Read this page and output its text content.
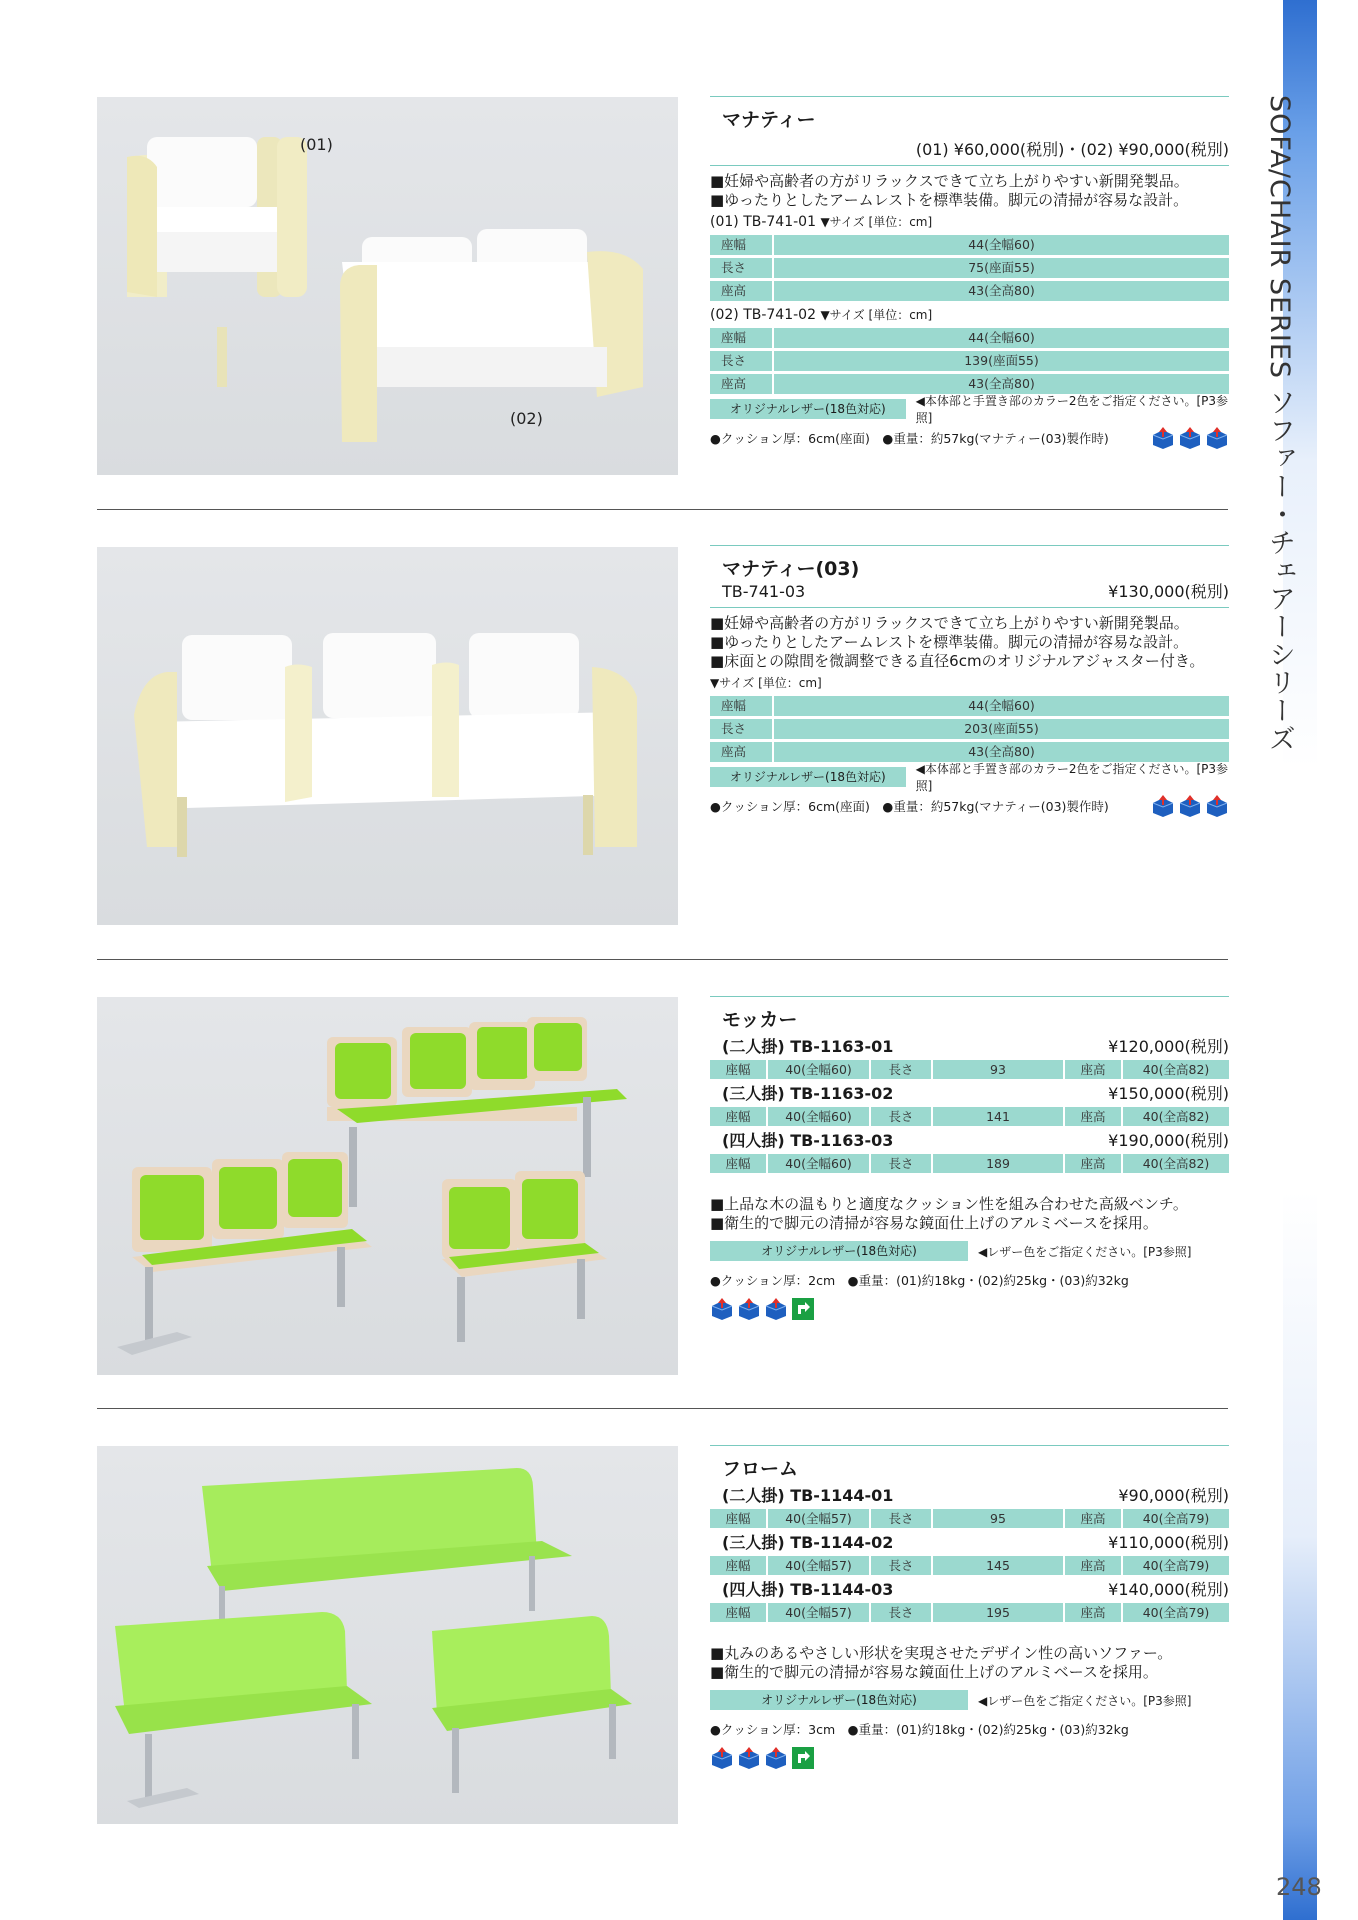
SOFA/CHAIR SERIES ソファー・チェアーシリーズ
248
(01)
(02)
マナティー
(01) ¥60,000(税別)・(02) ¥90,000(税別)
■妊婦や高齢者の方がリラックスできて立ち上がりやすい新開発製品。
■ゆったりとしたアームレストを標準装備。脚元の清掃が容易な設計。
(01) TB-741-01 ▼サイズ [単位：cm]
座幅	44(全幅60)
長さ	75(座面55)
座高	43(全高80)
(02) TB-741-02 ▼サイズ [単位：cm]
座幅	44(全幅60)
長さ	139(座面55)
座高	43(全高80)
オリジナルレザー(18色対応)
◀本体部と手置き部のカラー2色をご指定ください。[P3参照]
●クッション厚：6cm(座面)　●重量：約57kg(マナティー(03)製作時)
マナティー(03)
TB-741-03	¥130,000(税別)
■妊婦や高齢者の方がリラックスできて立ち上がりやすい新開発製品。
■ゆったりとしたアームレストを標準装備。脚元の清掃が容易な設計。
■床面との隙間を微調整できる直径6cmのオリジナルアジャスター付き。
▼サイズ [単位：cm]
座幅	44(全幅60)
長さ	203(座面55)
座高	43(全高80)
オリジナルレザー(18色対応)
◀本体部と手置き部のカラー2色をご指定ください。[P3参照]
●クッション厚：6cm(座面)　●重量：約57kg(マナティー(03)製作時)
モッカー
(二人掛) TB-1163-01	¥120,000(税別)
座幅	40(全幅60)	長さ	93	座高	40(全高82)
(三人掛) TB-1163-02	¥150,000(税別)
座幅	40(全幅60)	長さ	141	座高	40(全高82)
(四人掛) TB-1163-03	¥190,000(税別)
座幅	40(全幅60)	長さ	189	座高	40(全高82)
■上品な木の温もりと適度なクッション性を組み合わせた高級ベンチ。
■衛生的で脚元の清掃が容易な鏡面仕上げのアルミベースを採用。
オリジナルレザー(18色対応)	◀レザー色をご指定ください。[P3参照]
●クッション厚：2cm　●重量：(01)約18kg・(02)約25kg・(03)約32kg
フローム
(二人掛) TB-1144-01	¥90,000(税別)
座幅	40(全幅57)	長さ	95	座高	40(全高79)
(三人掛) TB-1144-02	¥110,000(税別)
座幅	40(全幅57)	長さ	145	座高	40(全高79)
(四人掛) TB-1144-03	¥140,000(税別)
座幅	40(全幅57)	長さ	195	座高	40(全高79)
■丸みのあるやさしい形状を実現させたデザイン性の高いソファー。
■衛生的で脚元の清掃が容易な鏡面仕上げのアルミベースを採用。
オリジナルレザー(18色対応)	◀レザー色をご指定ください。[P3参照]
●クッション厚：3cm　●重量：(01)約18kg・(02)約25kg・(03)約32kg
